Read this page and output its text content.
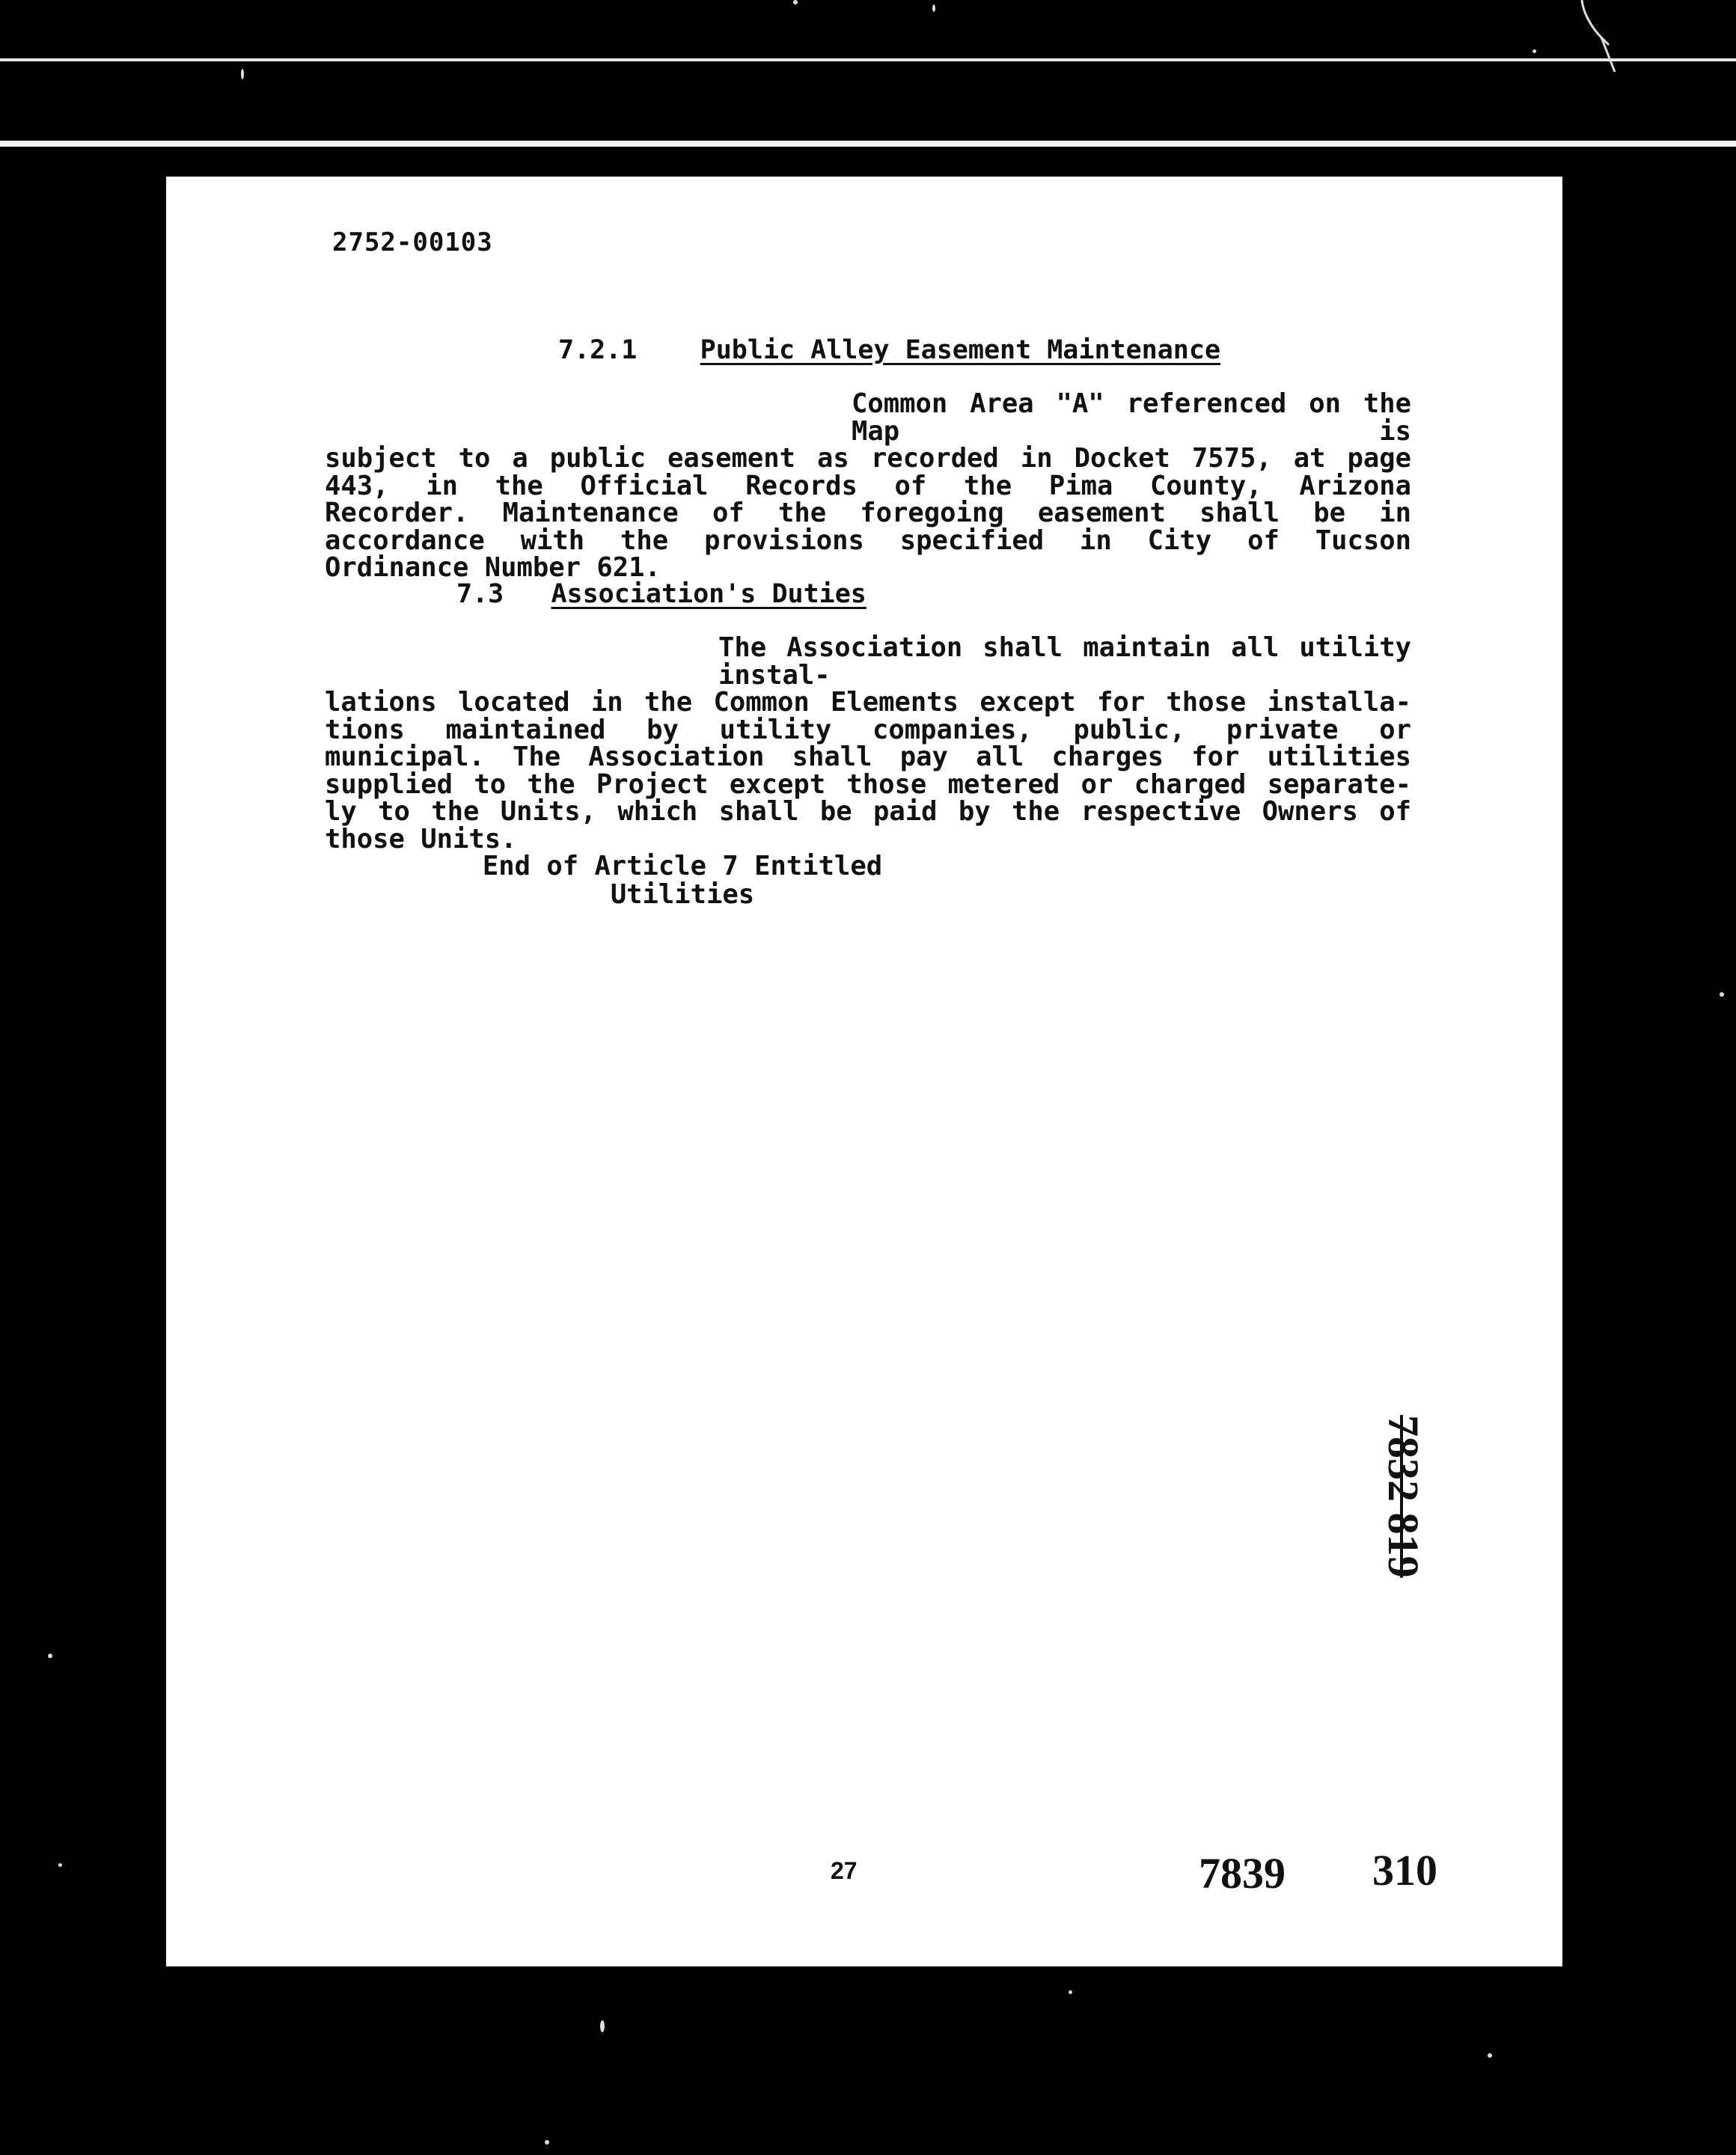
2752-00103
7.2.1 Public Alley Easement Maintenance
Common Area "A" referenced on the Map is
subject to a public easement as recorded in Docket 7575, at page
443, in the Official Records of the Pima County, Arizona
Recorder. Maintenance of the foregoing easement shall be in
accordance with the provisions specified in City of Tucson
Ordinance Number 621.
7.3 Association's Duties
The Association shall maintain all utility instal-
lations located in the Common Elements except for those installa-
tions maintained by utility companies, public, private or
municipal. The Association shall pay all charges for utilities
supplied to the Project except those metered or charged separate-
ly to the Units, which shall be paid by the respective Owners of
those Units.
End of Article 7 Entitled
Utilities
7832 819
27	7839 310
